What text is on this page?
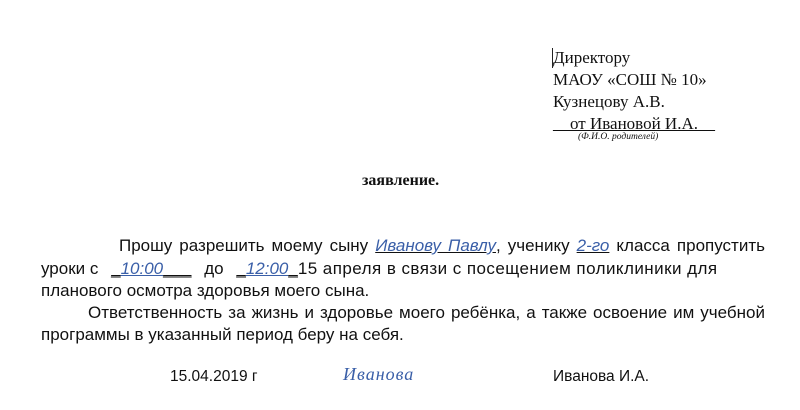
Директору
МАОУ «СОШ № 10»
Кузнецову А.В.
__от Ивановой И.А.__
(Ф.И.О. родителей)
заявление.
Прошу разрешить моему сыну Иванову Павлу, ученику 2-го класса пропустить
уроки с _10:00___ до _12:00_15 апреля в связи с посещением поликлиники для
планового осмотра здоровья моего сына.
Ответственность за жизнь и здоровье моего ребёнка, а также освоение им учебной
программы в указанный период беру на себя.
15.04.2019 г	Иванова	Иванова И.А.
